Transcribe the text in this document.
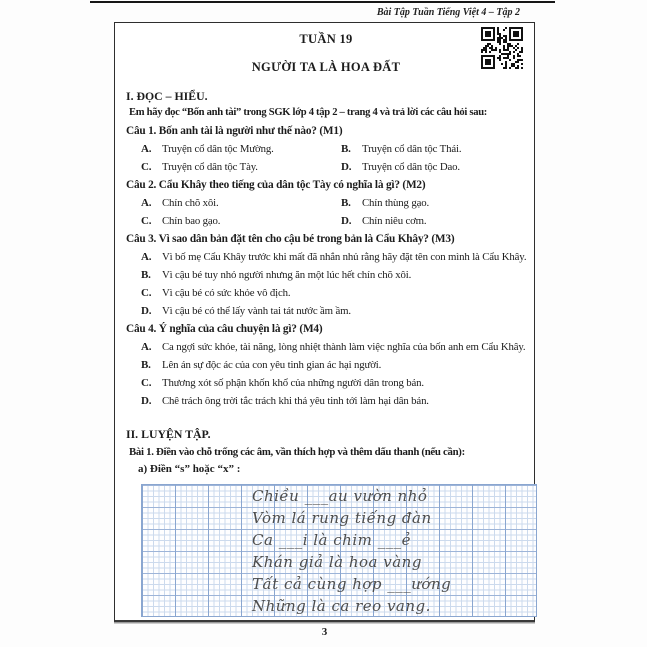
Bài Tập Tuần Tiếng Việt 4 – Tập 2
TUẦN 19
NGƯỜI TA LÀ HOA ĐẤT
I. ĐỌC – HIỂU.
Em hãy đọc “Bốn anh tài” trong SGK lớp 4 tập 2 – trang 4 và trả lời các câu hỏi sau:
Câu 1. Bốn anh tài là người như thế nào? (M1)
A. Truyện cổ dân tộc Mường.	B. Truyện cổ dân tộc Thái.
C. Truyện cổ dân tộc Tày.	D. Truyện cổ dân tộc Dao.
Câu 2. Cẩu Khây theo tiếng của dân tộc Tày có nghĩa là gì? (M2)
A. Chín chõ xôi.	B. Chín thùng gạo.
C. Chín bao gạo.	D. Chín niêu cơm.
Câu 3. Vì sao dân bản đặt tên cho cậu bé trong bản là Cẩu Khây? (M3)
A. Vì bố mẹ Cẩu Khây trước khi mất đã nhắn nhủ rằng hãy đặt tên con mình là Cẩu Khây.
B. Vì cậu bé tuy nhỏ người nhưng ăn một lúc hết chín chõ xôi.
C. Vì cậu bé có sức khỏe vô địch.
D. Vì cậu bé có thể lấy vành tai tát nước ầm ầm.
Câu 4. Ý nghĩa của câu chuyện là gì? (M4)
A. Ca ngợi sức khỏe, tài năng, lòng nhiệt thành làm việc nghĩa của bốn anh em Cẩu Khây.
B. Lên án sự độc ác của con yêu tinh gian ác hại người.
C. Thương xót số phận khốn khổ của những người dân trong bản.
D. Chê trách ông trời tắc trách khi thả yêu tinh tới làm hại dân bản.
II. LUYỆN TẬP.
Bài 1. Điền vào chỗ trống các âm, vần thích hợp và thêm dấu thanh (nếu cần):
a) Điền “s” hoặc “x” :
Chiều ___au vườn nhỏ
Vòm lá rung tiếng đàn
Ca ___i là chim ___ẻ
Khán giả là hoa vàng
Tất cả cùng hợp ___ướng
Những là ca reo vang.
3
